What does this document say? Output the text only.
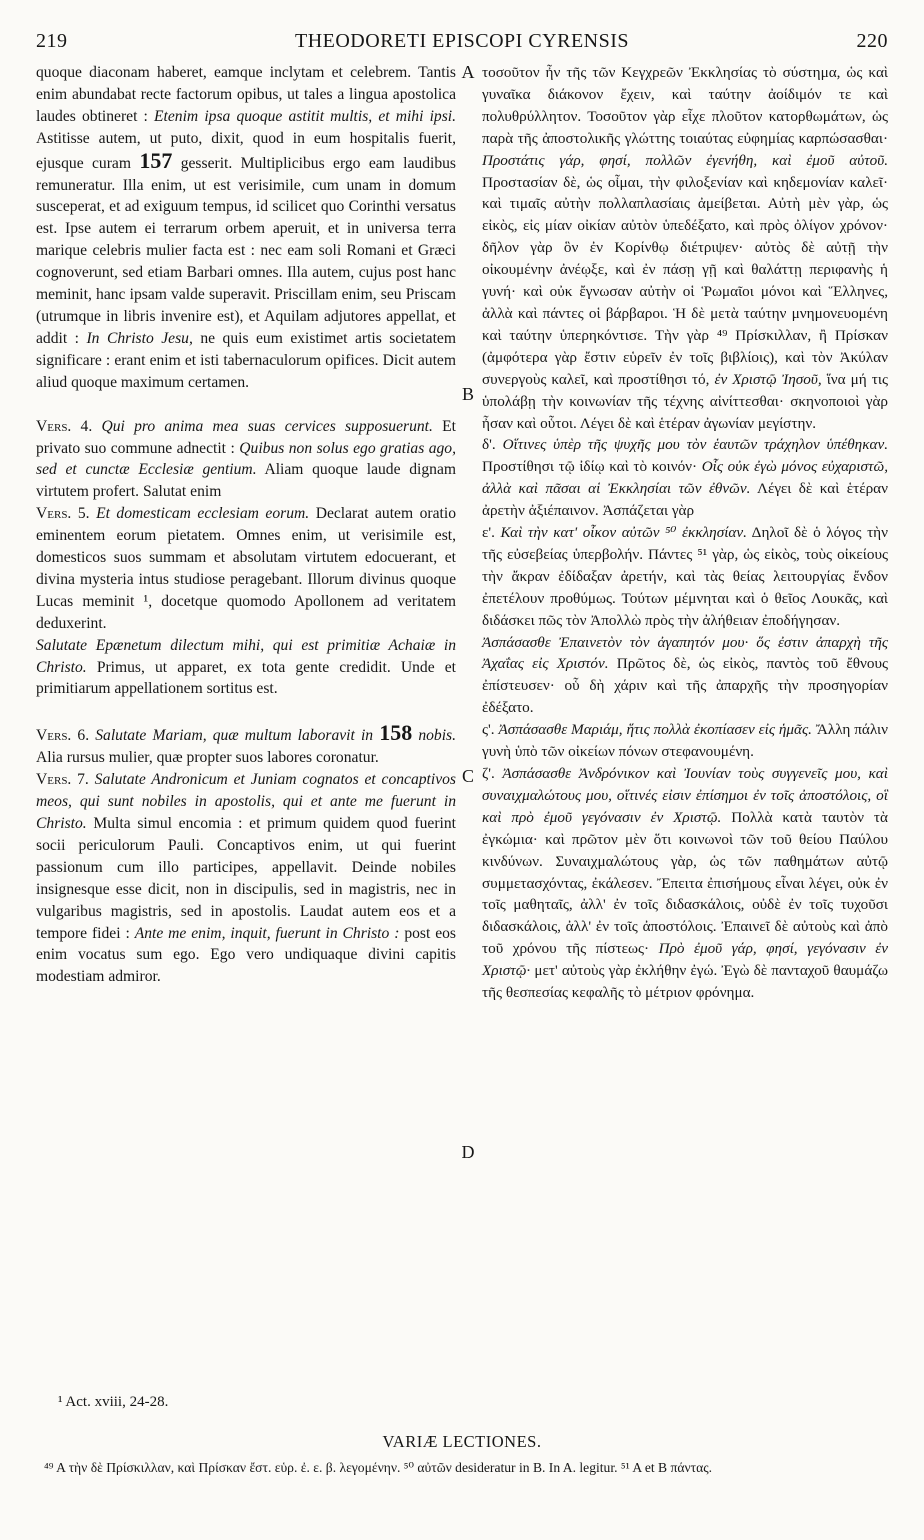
219	THEODORETI EPISCOPI CYRENSIS	220

quoque diaconam haberet, eamque inclytam et celebrem. Tantis enim abundabat recte factorum opibus, ut tales a lingua apostolica laudes obtineret : Etenim ipsa quoque astitit multis, et mihi ipsi. Astitisse autem, ut puto, dixit, quod in eum hospitalis fuerit, ejusque curam 157 gesserit. Multiplicibus ergo eam laudibus remuneratur. Illa enim, ut est verisimile, cum unam in domum susceperat, et ad exiguum tempus, id scilicet quo Corinthi versatus est. Ipse autem ei terrarum orbem aperuit, et in universa terra marique celebris mulier facta est : nec eam soli Romani et Græci cognoverunt, sed etiam Barbari omnes. Illa autem, cujus post hanc meminit, hanc ipsam valde superavit. Priscillam enim, seu Priscam (utrumque in libris invenire est), et Aquilam adjutores appellat, et addit : In Christo Jesu, ne quis eum existimet artis societatem significare : erant enim et isti tabernaculorum opifices. Dicit autem aliud quoque maximum certamen.

Vers. 4. Qui pro anima mea suas cervices supposuerunt. Et privato suo commune adnectit : Quibus non solus ego gratias ago, sed et cunctæ Ecclesiæ gentium. Aliam quoque laude dignam virtutem profert. Salutat enim

Vers. 5. Et domesticam ecclesiam eorum. Declarat autem oratio eminentem eorum pietatem. Omnes enim, ut verisimile est, domesticos suos summam et absolutam virtutem edocuerant, et divina mysteria intus studiose peragebant. Illorum divinus quoque Lucas meminit ¹, docetque quomodo Apollonem ad veritatem deduxerint.

Salutate Epænetum dilectum mihi, qui est primitiæ Achaiæ in Christo. Primus, ut apparet, ex tota gente credidit. Unde et primitiarum appellationem sortitus est.

Vers. 6. Salutate Mariam, quæ multum laboravit in 158 nobis. Alia rursus mulier, quæ propter suos labores coronatur.

Vers. 7. Salutate Andronicum et Juniam cognatos et concaptivos meos, qui sunt nobiles in apostolis, qui et ante me fuerunt in Christo. Multa simul encomia : et primum quidem quod fuerint socii periculorum Pauli. Concaptivos enim, ut qui fuerint passionum cum illo participes, appellavit. Deinde nobiles insignesque esse dicit, non in discipulis, sed in magistris, nec in vulgaribus magistris, sed in apostolis. Laudat autem eos et a tempore fidei : Ante me enim, inquit, fuerunt in Christo : post eos enim vocatus sum ego. Ego vero undiquaque divini capitis modestiam admiror.

A
B
C
D

τοσοῦτον ἦν τῆς τῶν Κεγχρεῶν Ἐκκλησίας τὸ σύστημα, ὡς καὶ γυναῖκα διάκονον ἔχειν, καὶ ταύτην ἀοίδιμόν τε καὶ πολυθρύλλητον. Τοσοῦτον γὰρ εἶχε πλοῦτον κατορθωμάτων, ὡς παρὰ τῆς ἀποστολικῆς γλώττης τοιαύτας εὐφημίας καρπώσασθαι· Προστάτις γάρ, φησί, πολλῶν ἐγενήθη, καὶ ἐμοῦ αὐτοῦ. Προστασίαν δὲ, ὡς οἶμαι, τὴν φιλοξενίαν καὶ κηδεμονίαν καλεῖ· καὶ τιμαῖς αὐτὴν πολλαπλασίαις ἀμείβεται. Αὐτὴ μὲν γὰρ, ὡς εἰκὸς, εἰς μίαν οἰκίαν αὐτὸν ὑπεδέξατο, καὶ πρὸς ὀλίγον χρόνον· δῆλον γὰρ ὃν ἐν Κορίνθῳ διέτριψεν· αὐτὸς δὲ αὐτῇ τὴν οἰκουμένην ἀνέῳξε, καὶ ἐν πάσῃ γῇ καὶ θαλάττῃ περιφανὴς ἡ γυνή· καὶ οὐκ ἔγνωσαν αὐτὴν οἱ Ῥωμαῖοι μόνοι καὶ Ἕλληνες, ἀλλὰ καὶ πάντες οἱ βάρβαροι. Ἡ δὲ μετὰ ταύτην μνημονευομένη καὶ ταύτην ὑπερηκόντισε. Τὴν γὰρ ⁴⁹ Πρίσκιλλαν, ἢ Πρίσκαν (ἀμφότερα γὰρ ἔστιν εὑρεῖν ἐν τοῖς βιβλίοις), καὶ τὸν Ἀκύλαν συνεργοὺς καλεῖ, καὶ προστίθησι τό, ἐν Χριστῷ Ἰησοῦ, ἵνα μή τις ὑπολάβῃ τὴν κοινωνίαν τῆς τέχνης αἰνίττεσθαι· σκηνοποιοὶ γὰρ ἦσαν καὶ οὗτοι. Λέγει δὲ καὶ ἑτέραν ἀγωνίαν μεγίστην.

δ'. Οἵτινες ὑπὲρ τῆς ψυχῆς μου τὸν ἑαυτῶν τράχηλον ὑπέθηκαν. Προστίθησι τῷ ἰδίῳ καὶ τὸ κοινόν· Οἷς οὐκ ἐγὼ μόνος εὐχαριστῶ, ἀλλὰ καὶ πᾶσαι αἱ Ἐκκλησίαι τῶν ἐθνῶν. Λέγει δὲ καὶ ἑτέραν ἀρετὴν ἀξιέπαινον. Ἀσπάζεται γὰρ

ε'. Καὶ τὴν κατ' οἶκον αὐτῶν ⁵⁰ ἐκκλησίαν. Δηλοῖ δὲ ὁ λόγος τὴν τῆς εὐσεβείας ὑπερβολήν. Πάντες ⁵¹ γὰρ, ὡς εἰκὸς, τοὺς οἰκείους τὴν ἄκραν ἐδίδαξαν ἀρετήν, καὶ τὰς θείας λειτουργίας ἔνδον ἐπετέλουν προθύμως. Τούτων μέμνηται καὶ ὁ θεῖος Λουκᾶς, καὶ διδάσκει πῶς τὸν Ἀπολλὼ πρὸς τὴν ἀλήθειαν ἐποδήγησαν.

Ἀσπάσασθε Ἐπαινετὸν τὸν ἀγαπητόν μου· ὅς ἐστιν ἀπαρχὴ τῆς Ἀχαΐας εἰς Χριστόν. Πρῶτος δὲ, ὡς εἰκὸς, παντὸς τοῦ ἔθνους ἐπίστευσεν· οὗ δὴ χάριν καὶ τῆς ἀπαρχῆς τὴν προσηγορίαν ἐδέξατο.

ς'. Ἀσπάσασθε Μαριάμ, ἥτις πολλὰ ἐκοπίασεν εἰς ἡμᾶς. Ἄλλη πάλιν γυνὴ ὑπὸ τῶν οἰκείων πόνων στεφανουμένη.

ζ'. Ἀσπάσασθε Ἀνδρόνικον καὶ Ἰουνίαν τοὺς συγγενεῖς μου, καὶ συναιχμαλώτους μου, οἵτινές εἰσιν ἐπίσημοι ἐν τοῖς ἀποστόλοις, οἳ καὶ πρὸ ἐμοῦ γεγόνασιν ἐν Χριστῷ. Πολλὰ κατὰ ταυτὸν τὰ ἐγκώμια· καὶ πρῶτον μὲν ὅτι κοινωνοὶ τῶν τοῦ θείου Παύλου κινδύνων. Συναιχμαλώτους γὰρ, ὡς τῶν παθημάτων αὐτῷ συμμετασχόντας, ἐκάλεσεν. Ἔπειτα ἐπισήμους εἶναι λέγει, οὐκ ἐν τοῖς μαθηταῖς, ἀλλ' ἐν τοῖς διδασκάλοις, οὐδὲ ἐν τοῖς τυχοῦσι διδασκάλοις, ἀλλ' ἐν τοῖς ἀποστόλοις. Ἐπαινεῖ δὲ αὐτοὺς καὶ ἀπὸ τοῦ χρόνου τῆς πίστεως· Πρὸ ἐμοῦ γάρ, φησί, γεγόνασιν ἐν Χριστῷ· μετ' αὐτοὺς γὰρ ἐκλήθην ἐγώ. Ἐγὼ δὲ πανταχοῦ θαυμάζω τῆς θεσπεσίας κεφαλῆς τὸ μέτριον φρόνημα.

¹ Act. xviii, 24-28.
VARIÆ LECTIONES.
⁴⁹ A τὴν δὲ Πρίσκιλλαν, καὶ Πρίσκαν ἔστ. εὑρ. ἐ. ε. β. λεγομένην. ⁵⁰ αὐτῶν desideratur in B. In A. legitur. ⁵¹ A et B πάντας.
